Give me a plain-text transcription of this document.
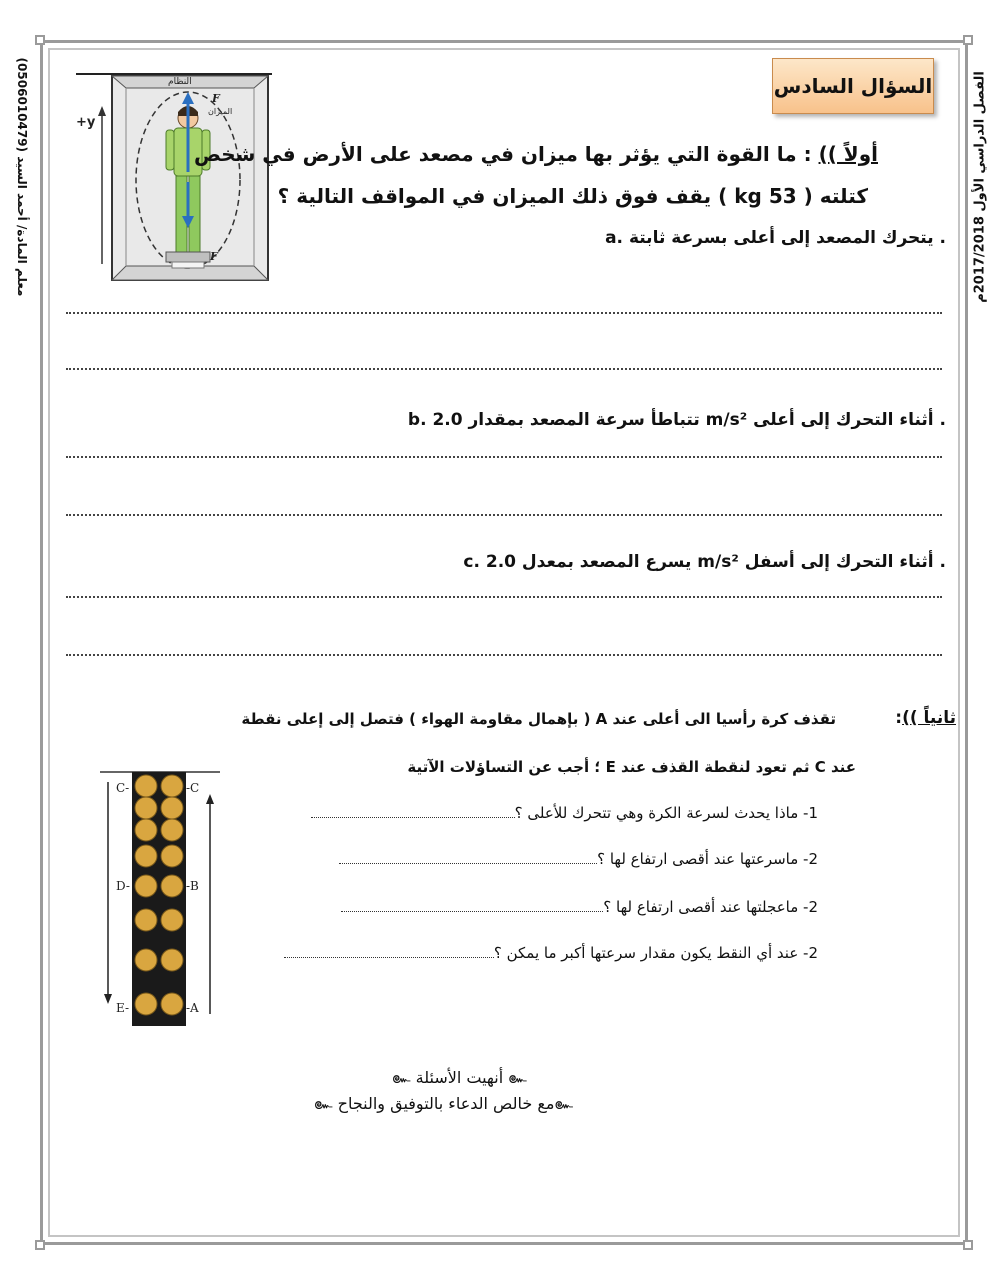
معلم المادة/ أحمد السيد (0506010479)
الفصل الدراسي الأول 2017/2018م
السؤال السادس
+y
النظام
F
الميزان
F
أولاً )) : ما القوة التي يؤثر بها ميزان في مصعد على الأرض في شخص
كتلته ( 53 kg ) يقف فوق ذلك الميزان في المواقف التالية ؟
a. يتحرك المصعد إلى أعلى بسرعة ثابتة .
b. تتباطأ سرعة المصعد بمقدار 2.0 m/s² أثناء التحرك إلى أعلى .
c. يسرع المصعد بمعدل 2.0 m/s² أثناء التحرك إلى أسفل .
ثانياً )):
تقذف كرة رأسيا الى أعلى عند A ( بإهمال مقاومة الهواء ) فتصل إلى إعلى نقطة
عند C ثم تعود لنقطة القذف عند E ؛ أجب عن التساؤلات الآتية
1- ماذا يحدث لسرعة الكرة وهي تتحرك للأعلى ؟
2- ماسرعتها عند أقصى ارتفاع لها ؟
2- ماعجلتها عند أقصى ارتفاع لها ؟
2- عند أي النقط يكون مقدار سرعتها أكبر ما يمكن ؟
C-
D-
E-
-C
-B
-A
๛ أنهيت الأسئلة ๛
๛ مع خالص الدعاء بالتوفيق والنجاح๛
